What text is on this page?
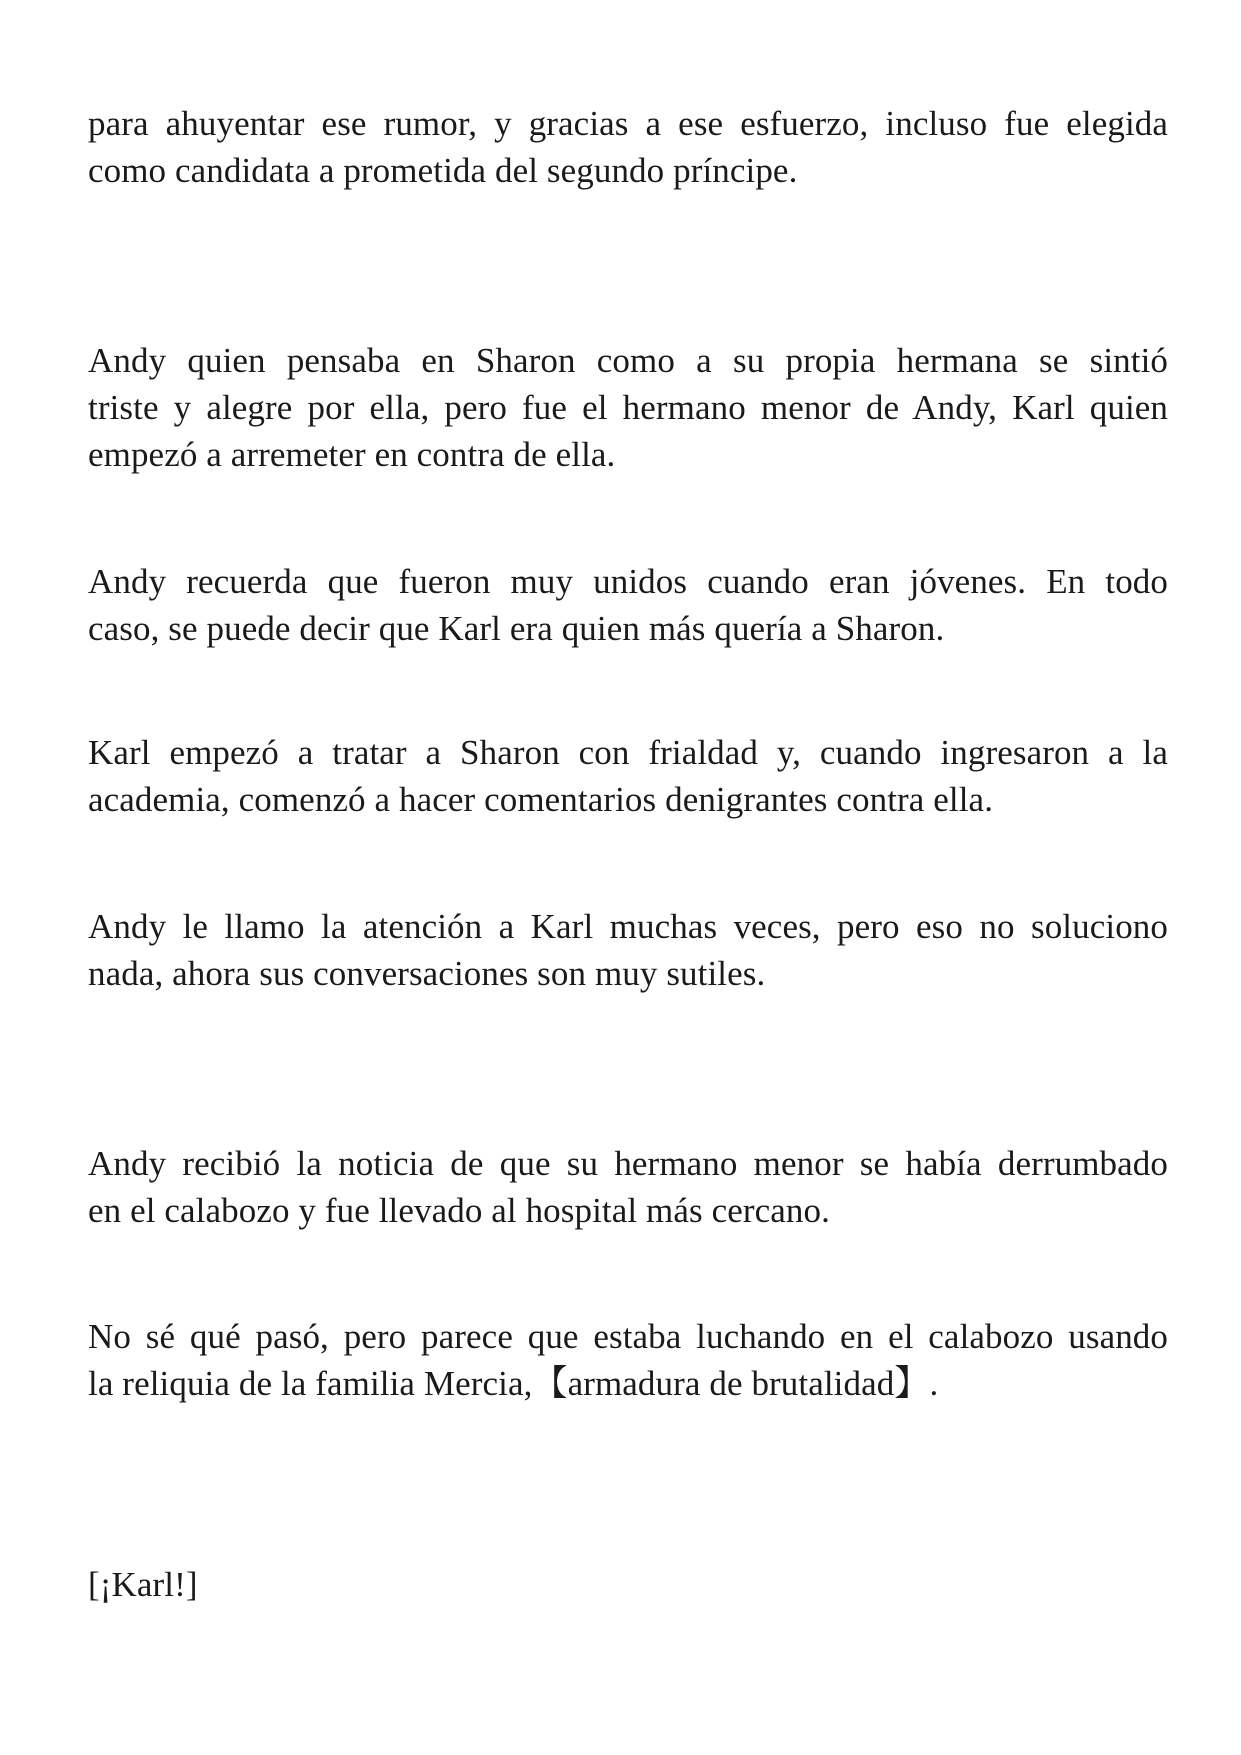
para ahuyentar ese rumor, y gracias a ese esfuerzo, incluso fue elegida
como candidata a prometida del segundo príncipe.

Andy quien pensaba en Sharon como a su propia hermana se sintió
triste y alegre por ella, pero fue el hermano menor de Andy, Karl quien
empezó a arremeter en contra de ella.

Andy recuerda que fueron muy unidos cuando eran jóvenes. En todo
caso, se puede decir que Karl era quien más quería a Sharon.

Karl empezó a tratar a Sharon con frialdad y, cuando ingresaron a la
academia, comenzó a hacer comentarios denigrantes contra ella.

Andy le llamo la atención a Karl muchas veces, pero eso no soluciono
nada, ahora sus conversaciones son muy sutiles.

Andy recibió la noticia de que su hermano menor se había derrumbado
en el calabozo y fue llevado al hospital más cercano.

No sé qué pasó, pero parece que estaba luchando en el calabozo usando
la reliquia de la familia Mercia,【armadura de brutalidad】.

[¡Karl!]
